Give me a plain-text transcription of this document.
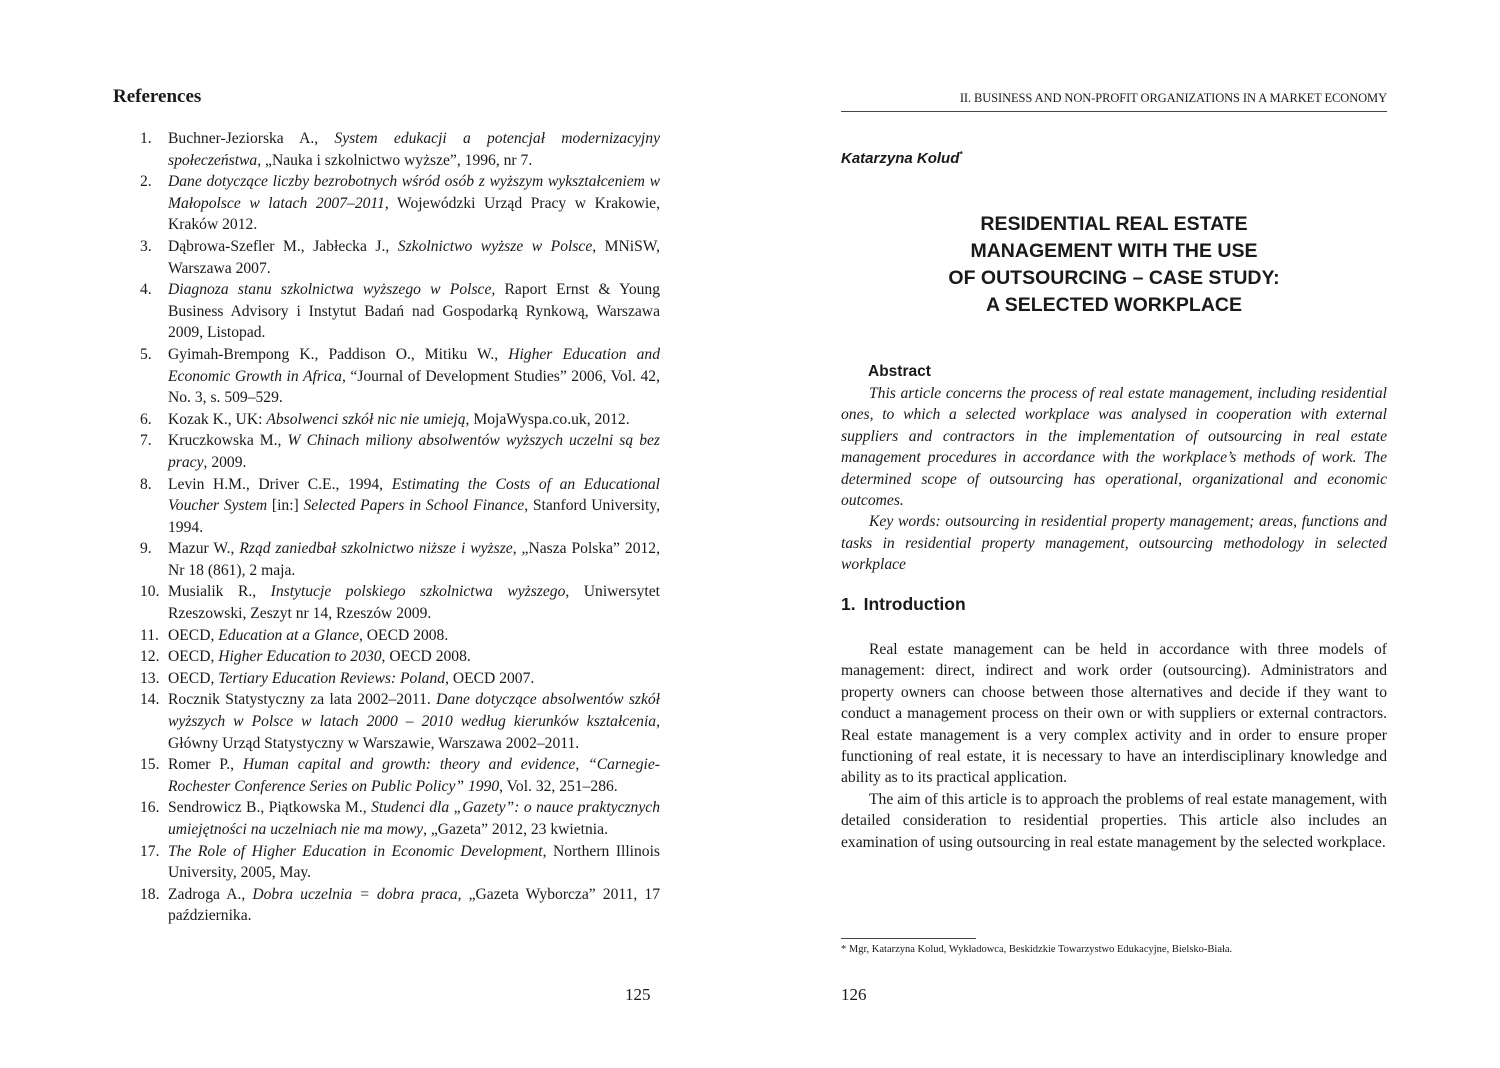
References
1.	Buchner-Jeziorska A., System edukacji a potencjał modernizacyjny społeczeństwa, „Nauka i szkolnictwo wyższe”, 1996, nr 7.
2.	Dane dotyczące liczby bezrobotnych wśród osób z wyższym wykształceniem w Małopolsce w latach 2007–2011, Wojewódzki Urząd Pracy w Krakowie, Kraków 2012.
3.	Dąbrowa-Szefler M., Jabłecka J., Szkolnictwo wyższe w Polsce, MNiSW, Warszawa 2007.
4.	Diagnoza stanu szkolnictwa wyższego w Polsce, Raport Ernst & Young Business Advisory i Instytut Badań nad Gospodarką Rynkową, Warszawa 2009, Listopad.
5.	Gyimah-Brempong K., Paddison O., Mitiku W., Higher Education and Economic Growth in Africa, “Journal of Development Studies” 2006, Vol. 42, No. 3, s. 509–529.
6.	Kozak K., UK: Absolwenci szkół nic nie umieją, MojaWyspa.co.uk, 2012.
7.	Kruczkowska M., W Chinach miliony absolwentów wyższych uczelni są bez pracy, 2009.
8.	Levin H.M., Driver C.E., 1994, Estimating the Costs of an Educational Voucher System [in:] Selected Papers in School Finance, Stanford University, 1994.
9.	Mazur W., Rząd zaniedbał szkolnictwo niższe i wyższe, „Nasza Polska” 2012, Nr 18 (861), 2 maja.
10. Musialik R., Instytucje polskiego szkolnictwa wyższego, Uniwersytet Rzeszowski, Zeszyt nr 14, Rzeszów 2009.
11. OECD, Education at a Glance, OECD 2008.
12. OECD, Higher Education to 2030, OECD 2008.
13. OECD, Tertiary Education Reviews: Poland, OECD 2007.
14. Rocznik Statystyczny za lata 2002–2011. Dane dotyczące absolwentów szkół wyższych w Polsce w latach 2000 – 2010 według kierunków kształcenia, Główny Urząd Statystyczny w Warszawie, Warszawa 2002–2011.
15. Romer P., Human capital and growth: theory and evidence, “Carnegie-Rochester Conference Series on Public Policy” 1990, Vol. 32, 251–286.
16. Sendrowicz B., Piątkowska M., Studenci dla „Gazety”: o nauce praktycznych umiejętności na uczelniach nie ma mowy, „Gazeta” 2012, 23 kwietnia.
17. The Role of Higher Education in Economic Development, Northern Illinois University, 2005, May.
18. Zadroga A., Dobra uczelnia = dobra praca, „Gazeta Wyborcza” 2011, 17 października.
125
II. BUSINESS AND NON-PROFIT ORGANIZATIONS IN A MARKET ECONOMY
Katarzyna Kolud*
RESIDENTIAL REAL ESTATE
MANAGEMENT WITH THE USE
OF OUTSOURCING – CASE STUDY:
A SELECTED WORKPLACE
Abstract

This article concerns the process of real estate management, including residential ones, to which a selected workplace was analysed in cooperation with external suppliers and contractors in the implementation of outsourcing in real estate management procedures in accordance with the workplace’s methods of work. The determined scope of outsourcing has operational, organizational and economic outcomes.

Key words: outsourcing in residential property management; areas, functions and tasks in residential property management, outsourcing methodology in selected workplace

1. Introduction

Real estate management can be held in accordance with three models of management: direct, indirect and work order (outsourcing). Administrators and property owners can choose between those alternatives and decide if they want to conduct a management process on their own or with suppliers or external contractors. Real estate management is a very complex activity and in order to ensure proper functioning of real estate, it is necessary to have an interdisciplinary knowledge and ability as to its practical application.

The aim of this article is to approach the problems of real estate management, with detailed consideration to residential properties. This article also includes an examination of using outsourcing in real estate management by the selected workplace.

* Mgr, Katarzyna Kolud, Wykładowca, Beskidzkie Towarzystwo Edukacyjne, Bielsko-Biała.
126
